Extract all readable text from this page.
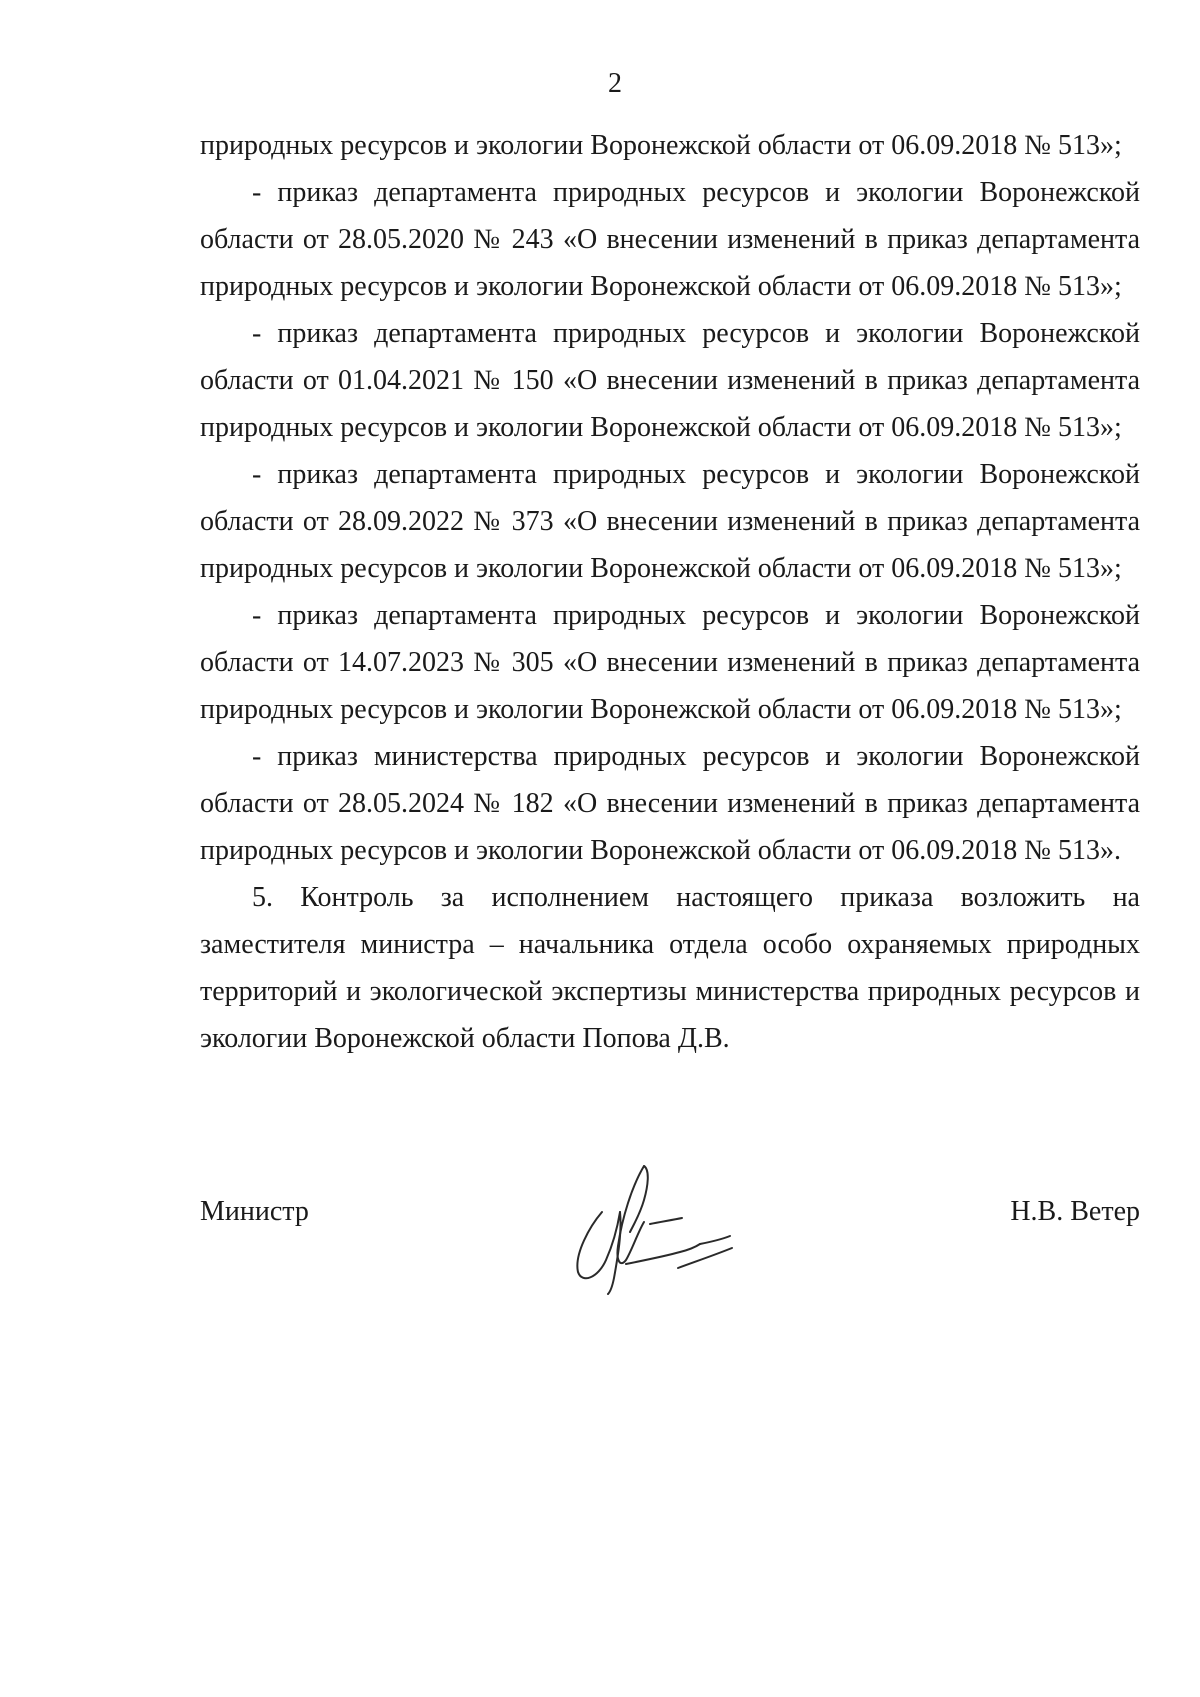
2

природных ресурсов и экологии Воронежской области от 06.09.2018 № 513»;

- приказ департамента природных ресурсов и экологии Воронежской области от 28.05.2020 № 243 «О внесении изменений в приказ департамента природных ресурсов и экологии Воронежской области от 06.09.2018 № 513»;

- приказ департамента природных ресурсов и экологии Воронежской области от 01.04.2021 № 150 «О внесении изменений в приказ департамента природных ресурсов и экологии Воронежской области от 06.09.2018 № 513»;

- приказ департамента природных ресурсов и экологии Воронежской области от 28.09.2022 № 373 «О внесении изменений в приказ департамента природных ресурсов и экологии Воронежской области от 06.09.2018 № 513»;

- приказ департамента природных ресурсов и экологии Воронежской области от 14.07.2023 № 305 «О внесении изменений в приказ департамента природных ресурсов и экологии Воронежской области от 06.09.2018 № 513»;

- приказ министерства природных ресурсов и экологии Воронежской области от 28.05.2024 № 182 «О внесении изменений в приказ департамента природных ресурсов и экологии Воронежской области от 06.09.2018 № 513».

5. Контроль за исполнением настоящего приказа возложить на заместителя министра – начальника отдела особо охраняемых природных территорий и экологической экспертизы министерства природных ресурсов и экологии Воронежской области Попова Д.В.

Министр	Н.В. Ветер
